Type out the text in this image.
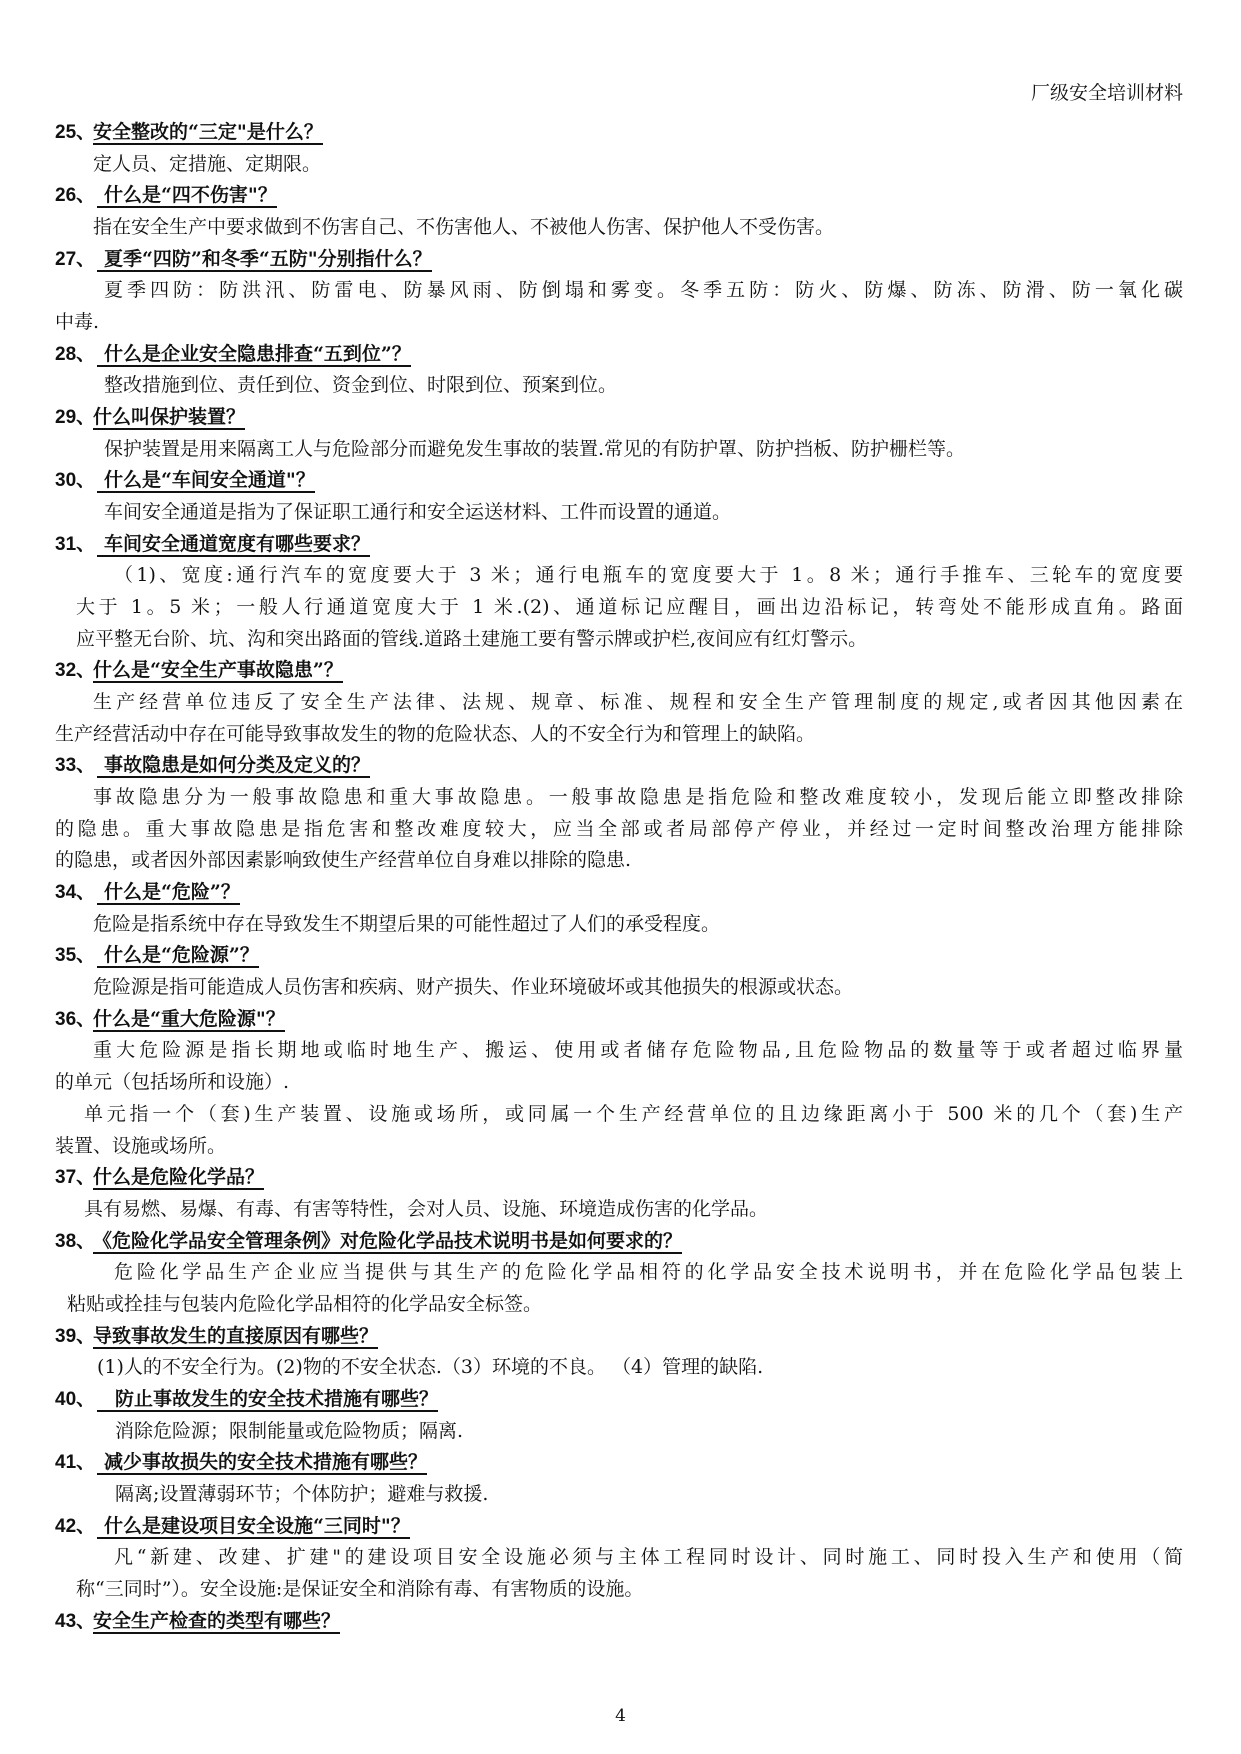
厂级安全培训材料
25、安全整改的“三定"是什么？
定人员、定措施、定期限。
26、 什么是“四不伤害"？
指在安全生产中要求做到不伤害自己、不伤害他人、不被他人伤害、保护他人不受伤害。
27、 夏季“四防”和冬季“五防"分别指什么？
夏季四防：防洪汛、防雷电、防暴风雨、防倒塌和雾变。冬季五防：防火、防爆、防冻、防滑、防一氧化碳
中毒.
28、 什么是企业安全隐患排查“五到位”？
整改措施到位、责任到位、资金到位、时限到位、预案到位。
29、什么叫保护装置？
保护装置是用来隔离工人与危险部分而避免发生事故的装置.常见的有防护罩、防护挡板、防护栅栏等。
30、 什么是“车间安全通道"？
车间安全通道是指为了保证职工通行和安全运送材料、工件而设置的通道。
31、 车间安全通道宽度有哪些要求？
（1)、宽度:通行汽车的宽度要大于 3 米；通行电瓶车的宽度要大于 1。8 米；通行手推车、三轮车的宽度要
大于 1。5 米；一般人行通道宽度大于 1 米.(2)、通道标记应醒目，画出边沿标记，转弯处不能形成直角。路面
应平整无台阶、坑、沟和突出路面的管线.道路土建施工要有警示牌或护栏,夜间应有红灯警示。
32、什么是“安全生产事故隐患”？
生产经营单位违反了安全生产法律、法规、规章、标准、规程和安全生产管理制度的规定,或者因其他因素在
生产经营活动中存在可能导致事故发生的物的危险状态、人的不安全行为和管理上的缺陷。
33、 事故隐患是如何分类及定义的？
事故隐患分为一般事故隐患和重大事故隐患。一般事故隐患是指危险和整改难度较小，发现后能立即整改排除
的隐患。重大事故隐患是指危害和整改难度较大，应当全部或者局部停产停业，并经过一定时间整改治理方能排除
的隐患，或者因外部因素影响致使生产经营单位自身难以排除的隐患.
34、 什么是“危险”？
危险是指系统中存在导致发生不期望后果的可能性超过了人们的承受程度。
35、 什么是“危险源”？
危险源是指可能造成人员伤害和疾病、财产损失、作业环境破坏或其他损失的根源或状态。
36、什么是“重大危险源"？
重大危险源是指长期地或临时地生产、搬运、使用或者储存危险物品,且危险物品的数量等于或者超过临界量
的单元（包括场所和设施）.
单元指一个（套)生产装置、设施或场所，或同属一个生产经营单位的且边缘距离小于 500 米的几个（套)生产
装置、设施或场所。
37、什么是危险化学品？
具有易燃、易爆、有毒、有害等特性，会对人员、设施、环境造成伤害的化学品。
38、《危险化学品安全管理条例》对危险化学品技术说明书是如何要求的？
危险化学品生产企业应当提供与其生产的危险化学品相符的化学品安全技术说明书，并在危险化学品包装上
粘贴或拴挂与包装内危险化学品相符的化学品安全标签。
39、导致事故发生的直接原因有哪些？
(1)人的不安全行为。(2)物的不安全状态.（3）环境的不良。 （4）管理的缺陷.
40、 防止事故发生的安全技术措施有哪些？
消除危险源；限制能量或危险物质；隔离.
41、 减少事故损失的安全技术措施有哪些？
隔离;设置薄弱环节；个体防护；避难与救援.
42、 什么是建设项目安全设施“三同时"？
凡“新建、改建、扩建"的建设项目安全设施必须与主体工程同时设计、同时施工、同时投入生产和使用（简
称“三同时”）。安全设施:是保证安全和消除有毒、有害物质的设施。
43、安全生产检查的类型有哪些？
4
